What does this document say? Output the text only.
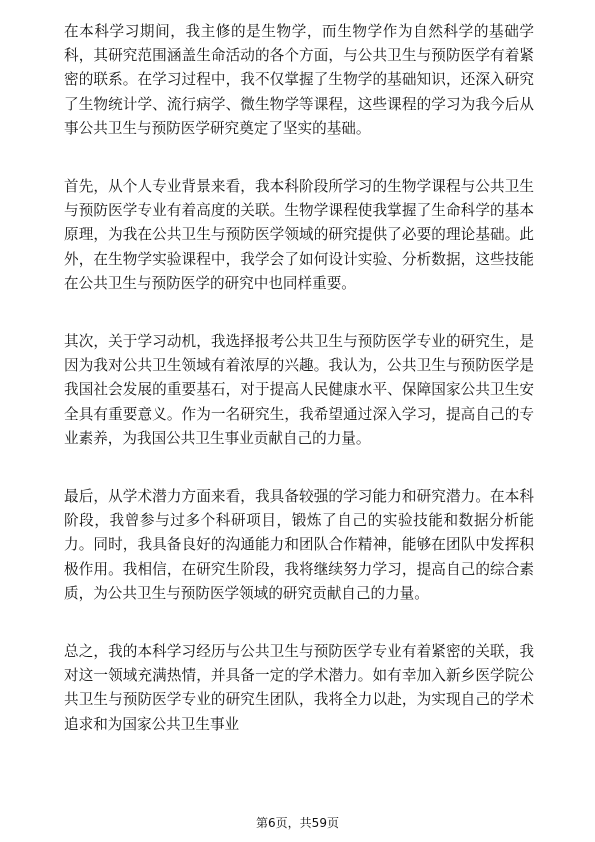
在本科学习期间，我主修的是生物学，而生物学作为自然科学的基础学科，其研究范围涵盖生命活动的各个方面，与公共卫生与预防医学有着紧密的联系。在学习过程中，我不仅掌握了生物学的基础知识，还深入研究了生物统计学、流行病学、微生物学等课程，这些课程的学习为我今后从事公共卫生与预防医学研究奠定了坚实的基础。

首先，从个人专业背景来看，我本科阶段所学习的生物学课程与公共卫生与预防医学专业有着高度的关联。生物学课程使我掌握了生命科学的基本原理，为我在公共卫生与预防医学领域的研究提供了必要的理论基础。此外，在生物学实验课程中，我学会了如何设计实验、分析数据，这些技能在公共卫生与预防医学的研究中也同样重要。

其次，关于学习动机，我选择报考公共卫生与预防医学专业的研究生，是因为我对公共卫生领域有着浓厚的兴趣。我认为，公共卫生与预防医学是我国社会发展的重要基石，对于提高人民健康水平、保障国家公共卫生安全具有重要意义。作为一名研究生，我希望通过深入学习，提高自己的专业素养，为我国公共卫生事业贡献自己的力量。

最后，从学术潜力方面来看，我具备较强的学习能力和研究潜力。在本科阶段，我曾参与过多个科研项目，锻炼了自己的实验技能和数据分析能力。同时，我具备良好的沟通能力和团队合作精神，能够在团队中发挥积极作用。我相信，在研究生阶段，我将继续努力学习，提高自己的综合素质，为公共卫生与预防医学领域的研究贡献自己的力量。

总之，我的本科学习经历与公共卫生与预防医学专业有着紧密的关联，我对这一领域充满热情，并具备一定的学术潜力。如有幸加入新乡医学院公共卫生与预防医学专业的研究生团队，我将全力以赴，为实现自己的学术追求和为国家公共卫生事业

第6页，共59页
